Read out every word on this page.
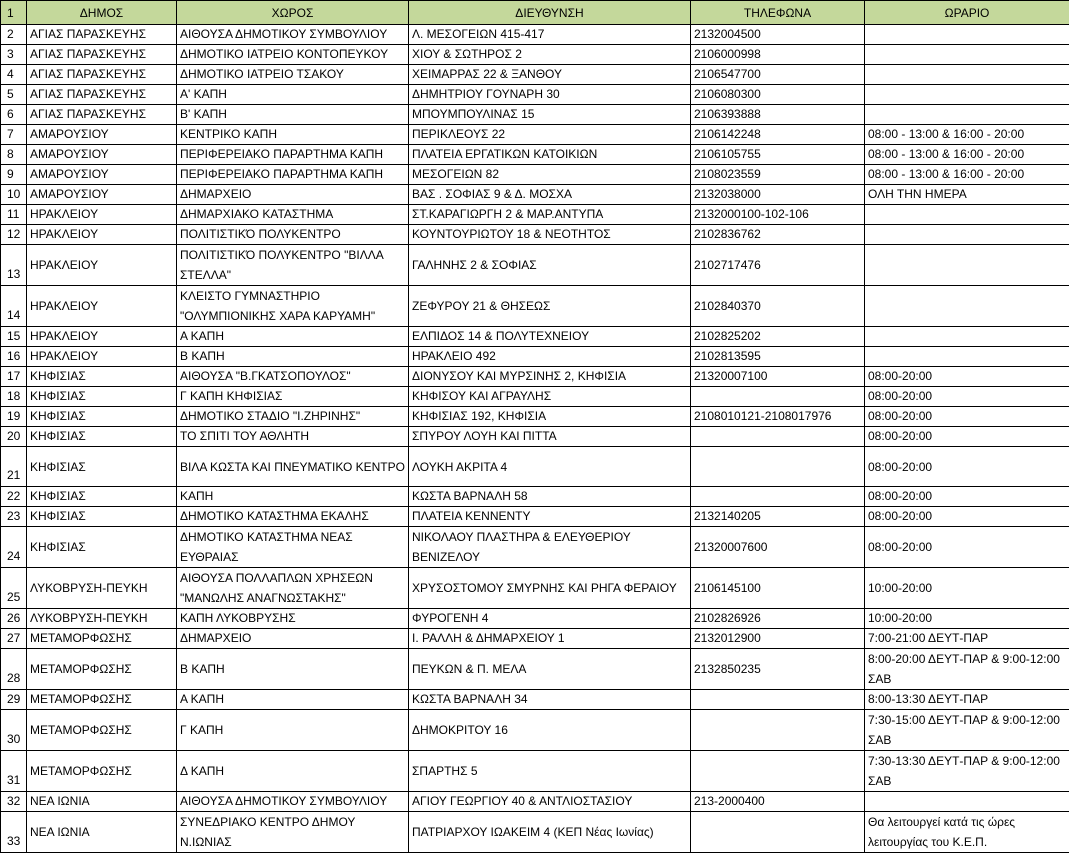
1	ΔΗΜΟΣ	ΧΩΡΟΣ	ΔΙΕΥΘΥΝΣΗ	ΤΗΛΕΦΩΝΑ	ΩΡΑΡΙΟ
2	ΑΓΙΑΣ ΠΑΡΑΣΚΕΥΗΣ	ΑΙΘΟΥΣΑ ΔΗΜΟΤΙΚΟΥ ΣΥΜΒΟΥΛΙΟΥ	Λ. ΜΕΣΟΓΕΙΩΝ 415-417	2132004500	
3	ΑΓΙΑΣ ΠΑΡΑΣΚΕΥΗΣ	ΔΗΜΟΤΙΚΟ ΙΑΤΡΕΙΟ ΚΟΝΤΟΠΕΥΚΟΥ	ΧΙΟΥ & ΣΩΤΗΡΟΣ 2	2106000998	
4	ΑΓΙΑΣ ΠΑΡΑΣΚΕΥΗΣ	ΔΗΜΟΤΙΚΟ ΙΑΤΡΕΙΟ ΤΣΑΚΟΥ	ΧΕΙΜΑΡΡΑΣ 22 & ΞΑΝΘΟΥ	2106547700	
5	ΑΓΙΑΣ ΠΑΡΑΣΚΕΥΗΣ	Α' ΚΑΠΗ	ΔΗΜΗΤΡΙΟΥ ΓΟΥΝΑΡΗ 30	2106080300	
6	ΑΓΙΑΣ ΠΑΡΑΣΚΕΥΗΣ	Β' ΚΑΠΗ	ΜΠΟΥΜΠΟΥΛΙΝΑΣ 15	2106393888	
7	ΑΜΑΡΟΥΣΙΟΥ	ΚΕΝΤΡΙΚΟ ΚΑΠΗ	ΠΕΡΙΚΛΕΟΥΣ 22	2106142248	08:00 - 13:00 & 16:00 - 20:00
8	ΑΜΑΡΟΥΣΙΟΥ	ΠΕΡΙΦΕΡΕΙΑΚΟ ΠΑΡΑΡΤΗΜΑ ΚΑΠΗ	ΠΛΑΤΕΙΑ ΕΡΓΑΤΙΚΩΝ ΚΑΤΟΙΚΙΩΝ	2106105755	08:00 - 13:00 & 16:00 - 20:00
9	ΑΜΑΡΟΥΣΙΟΥ	ΠΕΡΙΦΕΡΕΙΑΚΟ ΠΑΡΑΡΤΗΜΑ ΚΑΠΗ	ΜΕΣΟΓΕΙΩΝ 82	2108023559	08:00 - 13:00 & 16:00 - 20:00
10	ΑΜΑΡΟΥΣΙΟΥ	ΔΗΜΑΡΧΕΙΟ	ΒΑΣ . ΣΟΦΙΑΣ 9 & Δ. ΜΟΣΧΑ	2132038000	ΟΛΗ ΤΗΝ ΗΜΕΡΑ
11	ΗΡΑΚΛΕΙΟΥ	ΔΗΜΑΡΧΙΑΚΟ ΚΑΤΑΣΤΗΜΑ	ΣΤ.ΚΑΡΑΓΙΩΡΓΗ 2 & ΜΑΡ.ΑΝΤΥΠΑ	2132000100-102-106	
12	ΗΡΑΚΛΕΙΟΥ	ΠΟΛΙΤΙΣΤΙΚΌ ΠΟΛΥΚΕΝΤΡΟ	ΚΟΥΝΤΟΥΡΙΩΤΟΥ 18 & ΝΕΟΤΗΤΟΣ	2102836762	
13	ΗΡΑΚΛΕΙΟΥ	ΠΟΛΙΤΙΣΤΙΚΌ ΠΟΛΥΚΕΝΤΡΟ "ΒΙΛΛΑ ΣΤΕΛΛΑ"	ΓΑΛΗΝΗΣ 2 & ΣΟΦΙΑΣ	2102717476	
14	ΗΡΑΚΛΕΙΟΥ	ΚΛΕΙΣΤΟ ΓΥΜΝΑΣΤΗΡΙΟ "ΟΛΥΜΠΙΟΝΙΚΗΣ ΧΑΡΑ ΚΑΡΥΑΜΗ"	ΖΕΦΥΡΟΥ 21 & ΘΗΣΕΩΣ	2102840370	
15	ΗΡΑΚΛΕΙΟΥ	Α ΚΑΠΗ	ΕΛΠΙΔΟΣ 14 & ΠΟΛΥΤΕΧΝΕΙΟΥ	2102825202	
16	ΗΡΑΚΛΕΙΟΥ	Β ΚΑΠΗ	ΗΡΑΚΛΕΙΟ 492	2102813595	
17	ΚΗΦΙΣΙΑΣ	ΑΙΘΟΥΣΑ "Β.ΓΚΑΤΣΟΠΟΥΛΟΣ"	ΔΙΟΝΥΣΟΥ ΚΑΙ ΜΥΡΣΙΝΗΣ 2, ΚΗΦΙΣΙΑ	21320007100	08:00-20:00
18	ΚΗΦΙΣΙΑΣ	Γ ΚΑΠΗ ΚΗΦΙΣΙΑΣ	ΚΗΦΙΣΟΥ ΚΑΙ ΑΓΡΑΥΛΗΣ		08:00-20:00
19	ΚΗΦΙΣΙΑΣ	ΔΗΜΟΤΙΚΟ ΣΤΑΔΙΟ "Ι.ΖΗΡΙΝΗΣ"	ΚΗΦΙΣΙΑΣ 192, ΚΗΦΙΣΙΑ	2108010121-2108017976	08:00-20:00
20	ΚΗΦΙΣΙΑΣ	ΤΟ ΣΠΙΤΙ ΤΟΥ ΑΘΛΗΤΗ	ΣΠΥΡΟΥ ΛΟΥΗ ΚΑΙ ΠΙΤΤΑ		08:00-20:00
21	ΚΗΦΙΣΙΑΣ	ΒΙΛΑ ΚΩΣΤΑ ΚΑΙ ΠΝΕΥΜΑΤΙΚΟ ΚΕΝΤΡΟ	ΛΟΥΚΗ ΑΚΡΙΤΑ 4		08:00-20:00
22	ΚΗΦΙΣΙΑΣ	ΚΑΠΗ	ΚΩΣΤΑ ΒΑΡΝΑΛΗ 58		08:00-20:00
23	ΚΗΦΙΣΙΑΣ	ΔΗΜΟΤΙΚΟ ΚΑΤΑΣΤΗΜΑ ΕΚΑΛΗΣ	ΠΛΑΤΕΙΑ ΚΕΝΝΕΝΤΥ	2132140205	08:00-20:00
24	ΚΗΦΙΣΙΑΣ	ΔΗΜΟΤΙΚΟ ΚΑΤΑΣΤΗΜΑ ΝΕΑΣ ΕΥΘΡΑΙΑΣ	ΝΙΚΟΛΑΟΥ ΠΛΑΣΤΗΡΑ & ΕΛΕΥΘΕΡΙΟΥ ΒΕΝΙΖΕΛΟΥ	21320007600	08:00-20:00
25	ΛΥΚΟΒΡΥΣΗ-ΠΕΥΚΗ	ΑΙΘΟΥΣΑ ΠΟΛΛΑΠΛΩΝ ΧΡΗΣΕΩΝ "ΜΑΝΩΛΗΣ ΑΝΑΓΝΩΣΤΑΚΗΣ"	ΧΡΥΣΟΣΤΟΜΟΥ ΣΜΥΡΝΗΣ ΚΑΙ ΡΗΓΑ ΦΕΡΑΙΟΥ	2106145100	10:00-20:00
26	ΛΥΚΟΒΡΥΣΗ-ΠΕΥΚΗ	ΚΑΠΗ ΛΥΚΟΒΡΥΣΗΣ	ΦΥΡΟΓΕΝΗ 4	2102826926	10:00-20:00
27	ΜΕΤΑΜΟΡΦΩΣΗΣ	ΔΗΜΑΡΧΕΙΟ	Ι. ΡΑΛΛΗ & ΔΗΜΑΡΧΕΙΟΥ 1	2132012900	7:00-21:00 ΔΕΥΤ-ΠΑΡ
28	ΜΕΤΑΜΟΡΦΩΣΗΣ	Β ΚΑΠΗ	ΠΕΥΚΩΝ & Π. ΜΕΛΑ	2132850235	8:00-20:00 ΔΕΥΤ-ΠΑΡ & 9:00-12:00 ΣΑΒ
29	ΜΕΤΑΜΟΡΦΩΣΗΣ	Α ΚΑΠΗ	ΚΩΣΤΑ ΒΑΡΝΑΛΗ 34		8:00-13:30 ΔΕΥΤ-ΠΑΡ
30	ΜΕΤΑΜΟΡΦΩΣΗΣ	Γ ΚΑΠΗ	ΔΗΜΟΚΡΙΤΟΥ 16		7:30-15:00 ΔΕΥΤ-ΠΑΡ & 9:00-12:00 ΣΑΒ
31	ΜΕΤΑΜΟΡΦΩΣΗΣ	Δ ΚΑΠΗ	ΣΠΑΡΤΗΣ 5		7:30-13:30 ΔΕΥΤ-ΠΑΡ & 9:00-12:00 ΣΑΒ
32	ΝΕΑ ΙΩΝΙΑ	ΑΙΘΟΥΣΑ ΔΗΜΟΤΙΚΟΥ ΣΥΜΒΟΥΛΙΟΥ	ΑΓΙΟΥ ΓΕΩΡΓΙΟΥ 40 & ΑΝΤΛΙΟΣΤΑΣΙΟΥ	213-2000400	
33	ΝΕΑ ΙΩΝΙΑ	ΣΥΝΕΔΡΙΑΚΟ ΚΕΝΤΡΟ ΔΗΜΟΥ Ν.ΙΩΝΙΑΣ	ΠΑΤΡΙΑΡΧΟΥ ΙΩΑΚΕΙΜ 4 (ΚΕΠ Νέας Ιωνίας)		Θα λειτουργεί κατά τις ώρες λειτουργίας του Κ.Ε.Π.
